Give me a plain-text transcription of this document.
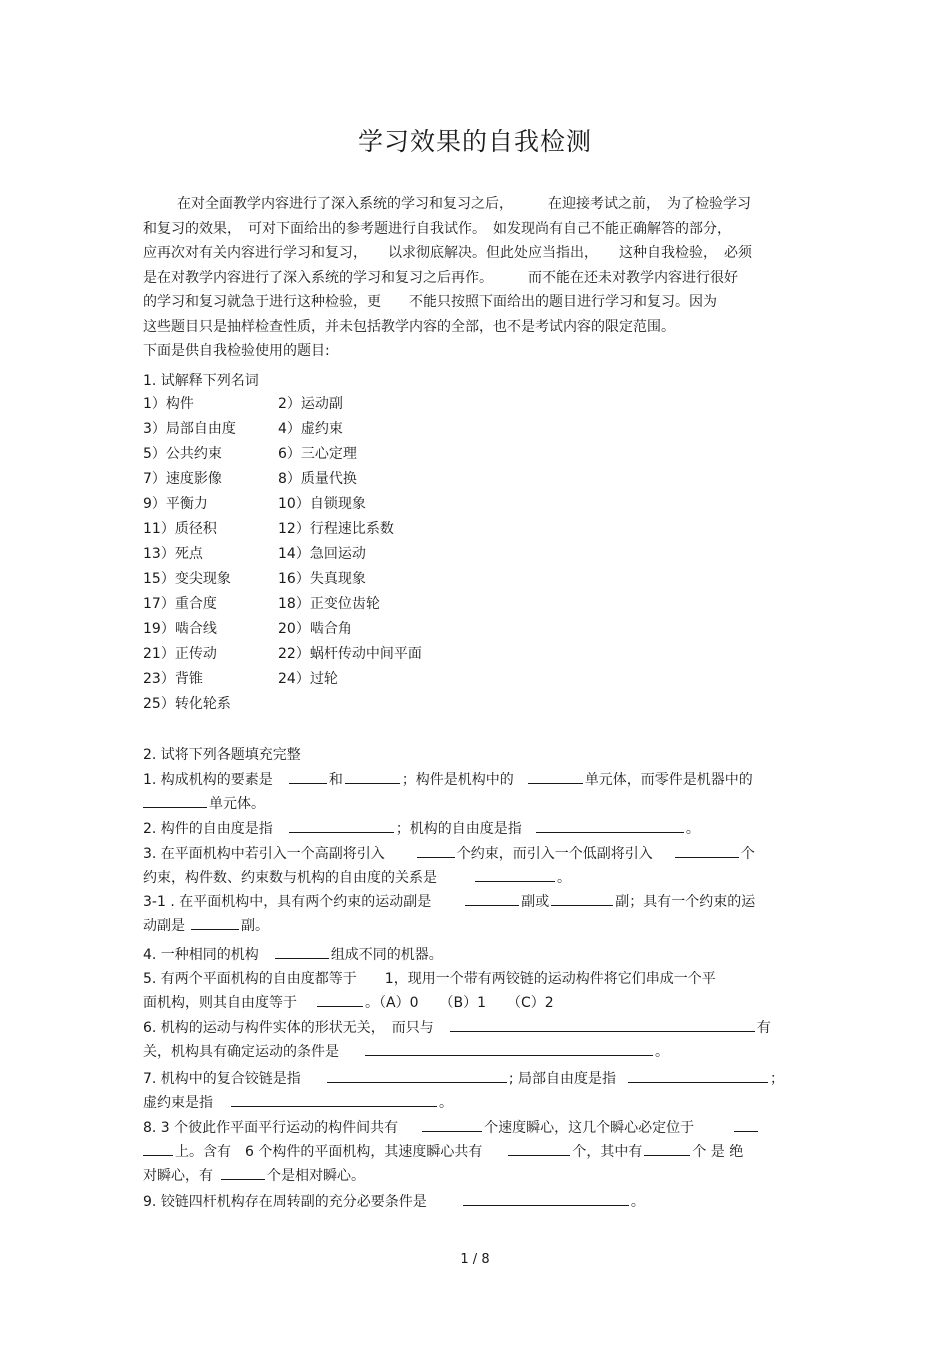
学习效果的自我检测
在对全面教学内容进行了深入系统的学习和复习之后，　　　在迎接考试之前，　为了检验学习
和复习的效果，　可对下面给出的参考题进行自我试作。　如发现尚有自己不能正确解答的部分，
应再次对有关内容进行学习和复习，　　以求彻底解决。但此处应当指出，　　这种自我检验，　必须
是在对教学内容进行了深入系统的学习和复习之后再作。　　　而不能在还未对教学内容进行很好
的学习和复习就急于进行这种检验，更　　不能只按照下面给出的题目进行学习和复习。因为
这些题目只是抽样检查性质，并未包括教学内容的全部，也不是考试内容的限定范围。
下面是供自我检验使用的题目:
1. 试解释下列名词
1）构件	2）运动副
3）局部自由度	4）虚约束
5）公共约束	6）三心定理
7）速度影像	8）质量代换
9）平衡力	10）自锁现象
11）质径积	12）行程速比系数
13）死点	14）急回运动
15）变尖现象	16）失真现象
17）重合度	18）正变位齿轮
19）啮合线	20）啮合角
21）正传动	22）蜗杆传动中间平面
23）背锥	24）过轮
25）转化轮系
2. 试将下列各题填充完整
1. 构成机构的要素是	和	；构件是机构中的	单元体，而零件是机器中的
单元体。
2. 构件的自由度是指	；机构的自由度是指	。
3. 在平面机构中若引入一个高副将引入	个约束，而引入一个低副将引入	个
约束，构件数、约束数与机构的自由度的关系是	。
3-1 . 在平面机构中，具有两个约束的运动副是	副或	副；具有一个约束的运
动副是	副。
4. 一种相同的机构	组成不同的机器。
5. 有两个平面机构的自由度都等于　　1，现用一个带有两铰链的运动构件将它们串成一个平
面机构，则其自由度等于	。（A）0　　（B）1　　（C）2
6. 机构的运动与构件实体的形状无关，　而只与	有
关，机构具有确定运动的条件是	。
7. 机构中的复合铰链是指	; 局部自由度是指	；
虚约束是指	。
8. 3 个彼此作平面平行运动的构件间共有	个速度瞬心，这几个瞬心必定位于
上。含有　6 个构件的平面机构，其速度瞬心共有	个，其中有	个 是 绝
对瞬心，有	个是相对瞬心。
9. 铰链四杆机构存在周转副的充分必要条件是	。
1 / 8
